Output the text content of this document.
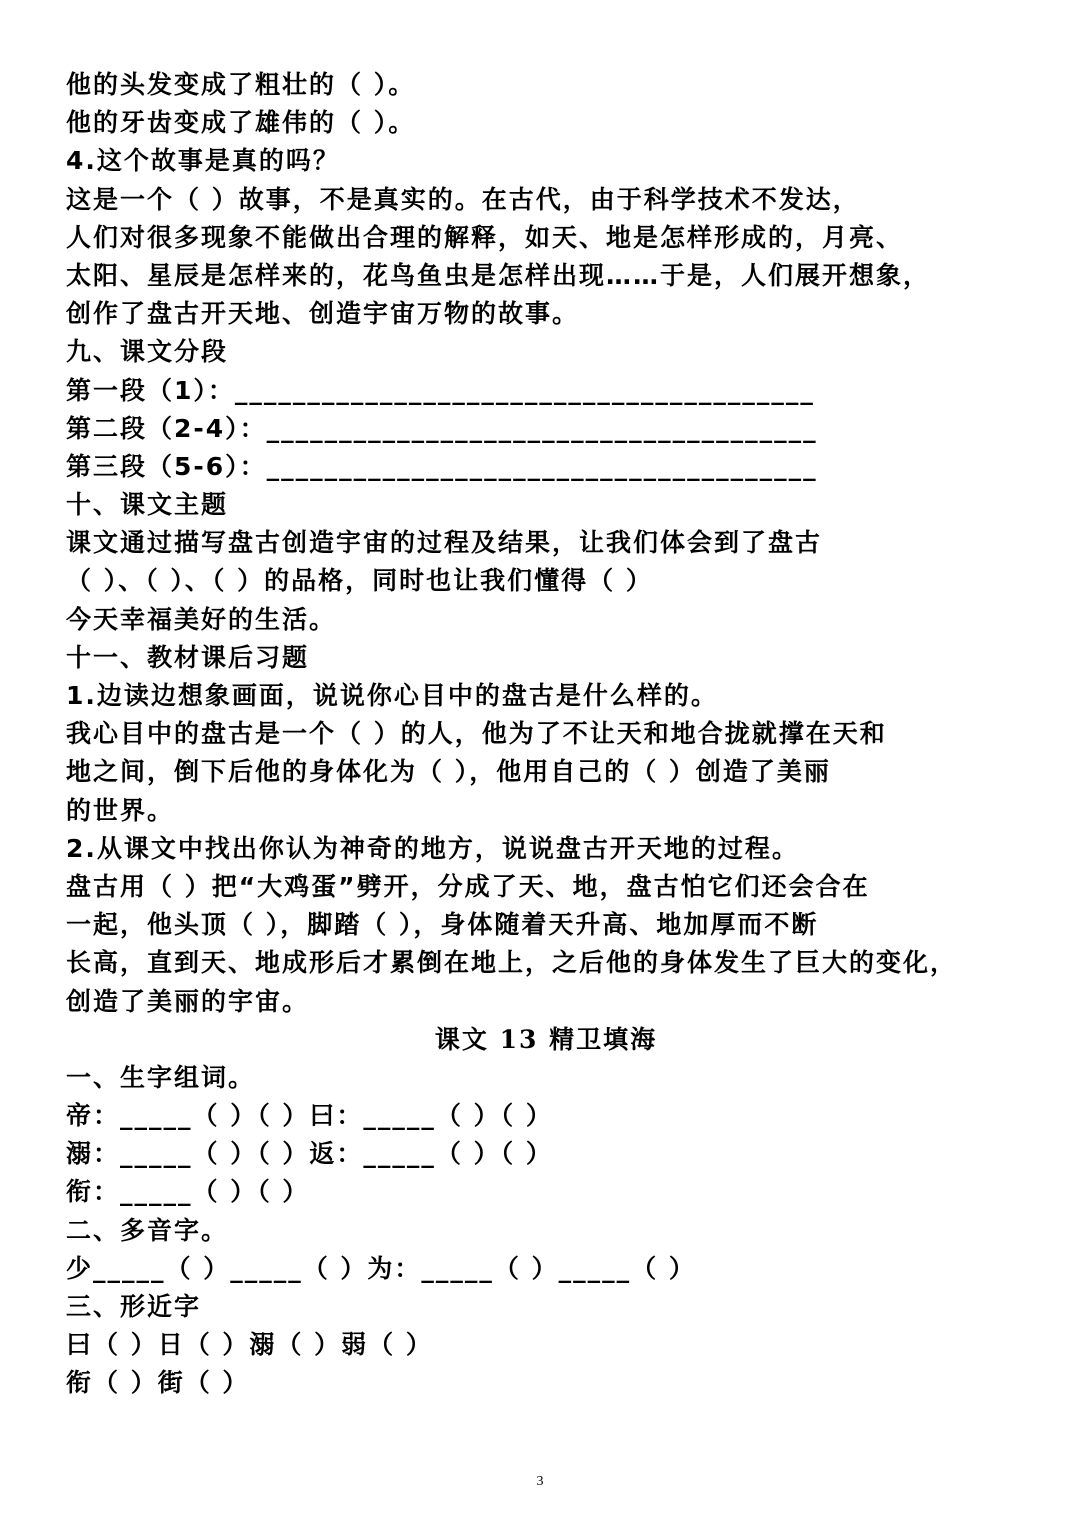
他的头发变成了粗壮的（ ）。
他的牙齿变成了雄伟的（ ）。
4.这个故事是真的吗？
这是一个（ ）故事，不是真实的。在古代，由于科学技术不发达，
人们对很多现象不能做出合理的解释，如天、地是怎样形成的，月亮、
太阳、星辰是怎样来的，花鸟鱼虫是怎样出现……于是，人们展开想象，
创作了盘古开天地、创造宇宙万物的故事。
九、课文分段
第一段（1）：________________________________________
第二段（2-4）：______________________________________
第三段（5-6）：______________________________________
十、课文主题
课文通过描写盘古创造宇宙的过程及结果，让我们体会到了盘古
（ ）、（ ）、（ ）的品格，同时也让我们懂得（ ）
今天幸福美好的生活。
十一、教材课后习题
1.边读边想象画面，说说你心目中的盘古是什么样的。
我心目中的盘古是一个（ ）的人，他为了不让天和地合拢就撑在天和
地之间，倒下后他的身体化为（ ），他用自己的（ ）创造了美丽
的世界。
2.从课文中找出你认为神奇的地方，说说盘古开天地的过程。
盘古用（ ）把“大鸡蛋”劈开，分成了天、地，盘古怕它们还会合在
一起，他头顶（ ），脚踏（ ），身体随着天升高、地加厚而不断
长高，直到天、地成形后才累倒在地上，之后他的身体发生了巨大的变化，
创造了美丽的宇宙。
课文 13 精卫填海
一、生字组词。
帝：_____（ ）（ ）曰：_____（ ）（ ）
溺：_____（ ）（ ）返：_____（ ）（ ）
衔：_____（ ）（ ）
二、多音字。
少_____（ ）_____（ ）为：_____（ ）_____（ ）
三、形近字
曰（ ）日（ ）溺（ ）弱（ ）
衔（ ）街（ ）
3
